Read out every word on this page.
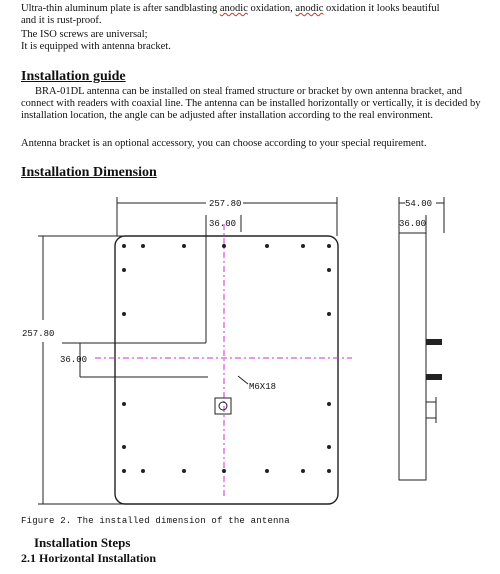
Ultra-thin aluminum plate is after sandblasting anodic oxidation, anodic oxidation it looks beautiful
and it is rust-proof.
The ISO screws are universal;
It is equipped with antenna bracket.
Installation guide
BRA-01DL antenna can be installed on steal framed structure or bracket by own antenna bracket, and connect with readers with coaxial line. The antenna can be installed horizontally or vertically, it is decided by installation location, the angle can be adjusted after installation according to the real environment.
Antenna bracket is an optional accessory, you can choose according to your special requirement.
Installation Dimension
257.80
36.00
257.80
36.00
M6X18
54.00
36.00
Figure 2. The installed dimension of the antenna
Installation Steps
2.1 Horizontal Installation
